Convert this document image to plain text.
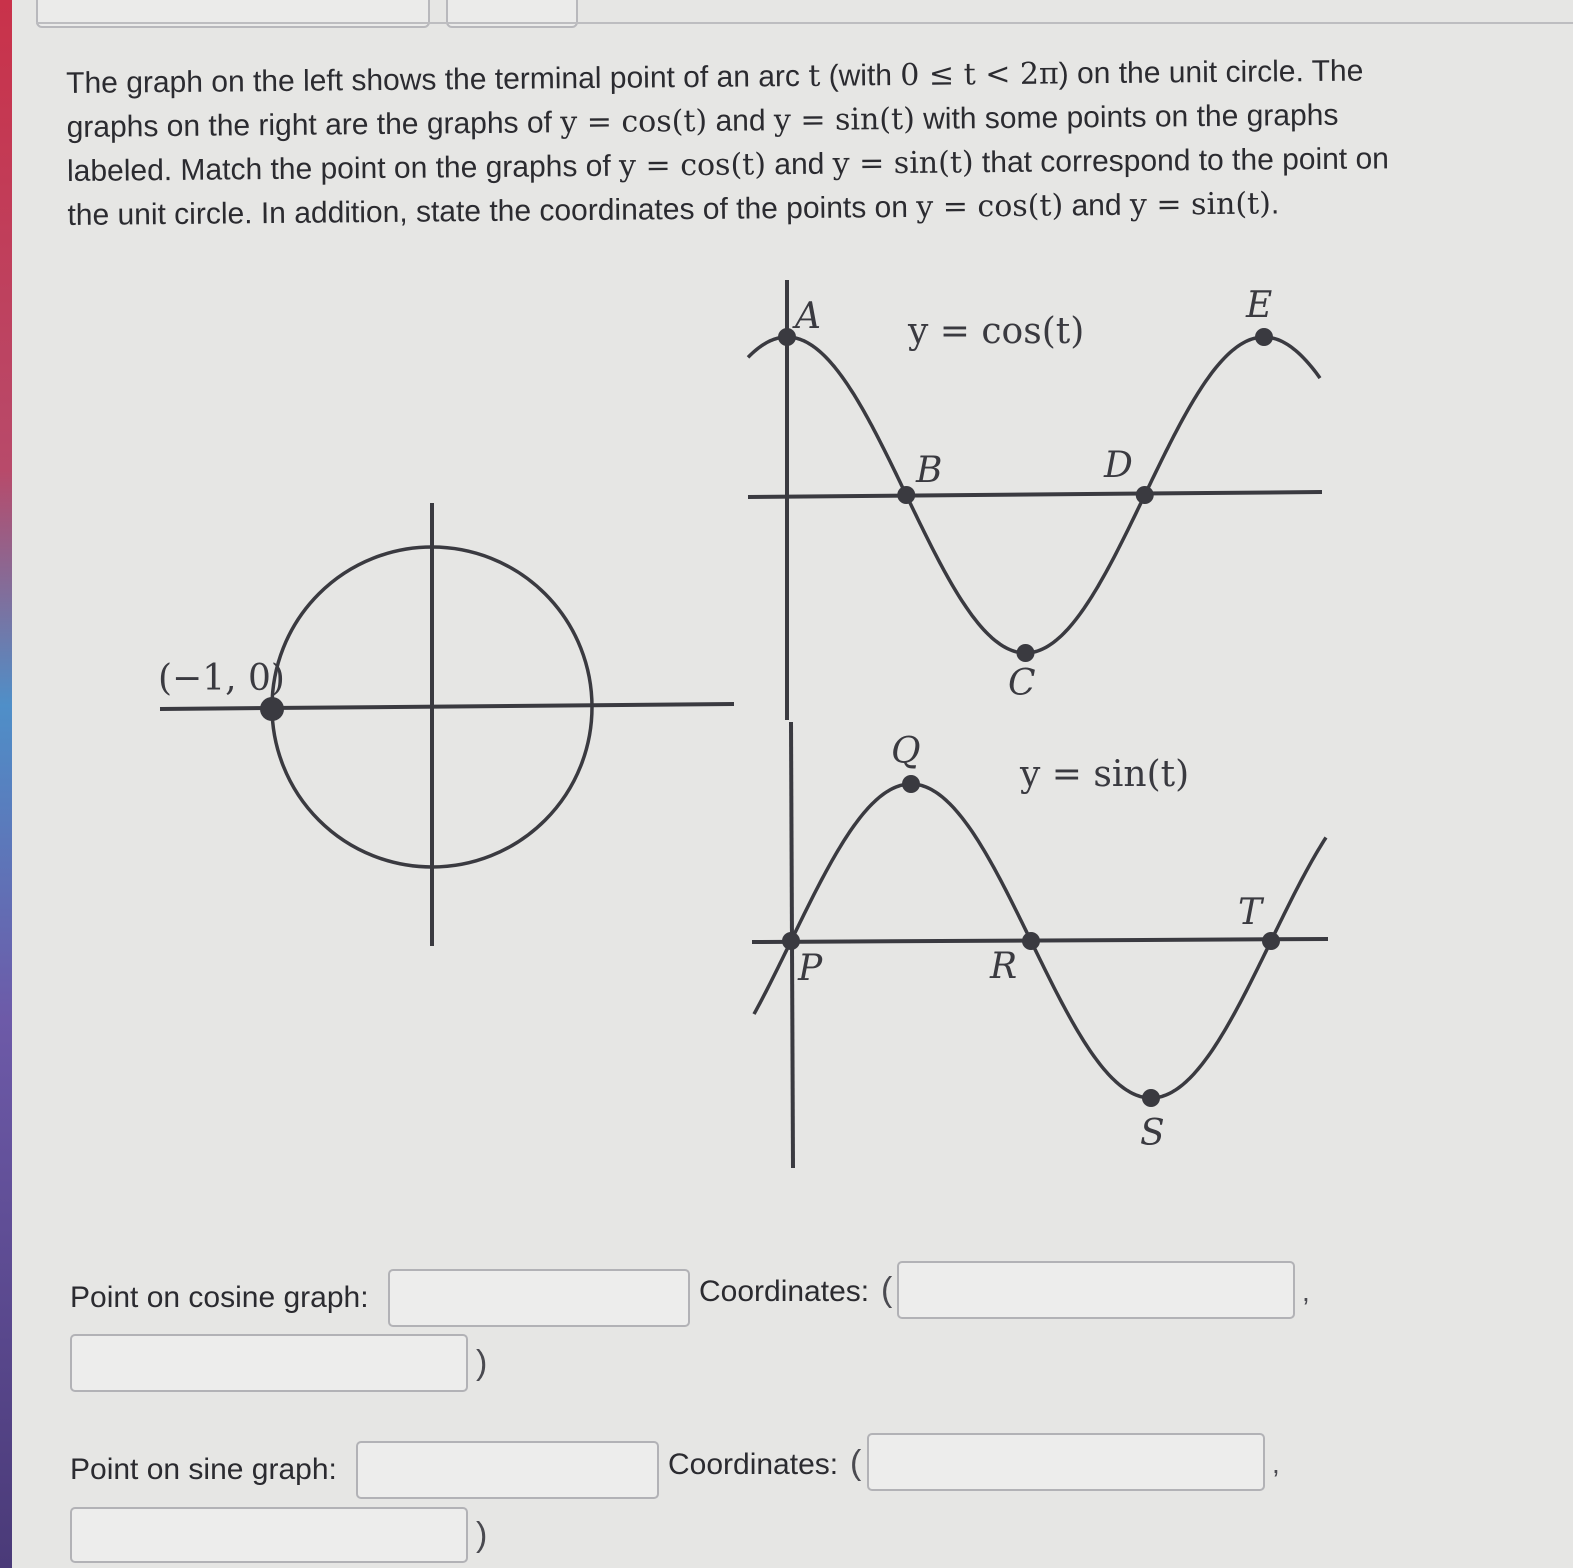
The graph on the left shows the terminal point of an arc t (with 0 ≤ t < 2π) on the unit circle. The graphs on the right are the graphs of y = cos(t) and y = sin(t) with some points on the graphs labeled. Match the point on the graphs of y = cos(t) and y = sin(t) that correspond to the point on the unit circle. In addition, state the coordinates of the points on y = cos(t) and y = sin(t).
(−1, 0)
y = cos(t)
A
B
C
D
E
y = sin(t)
P
Q
R
S
T
Point on cosine graph:	Coordinates: (	,
)
Point on sine graph:	Coordinates: (	,
)
